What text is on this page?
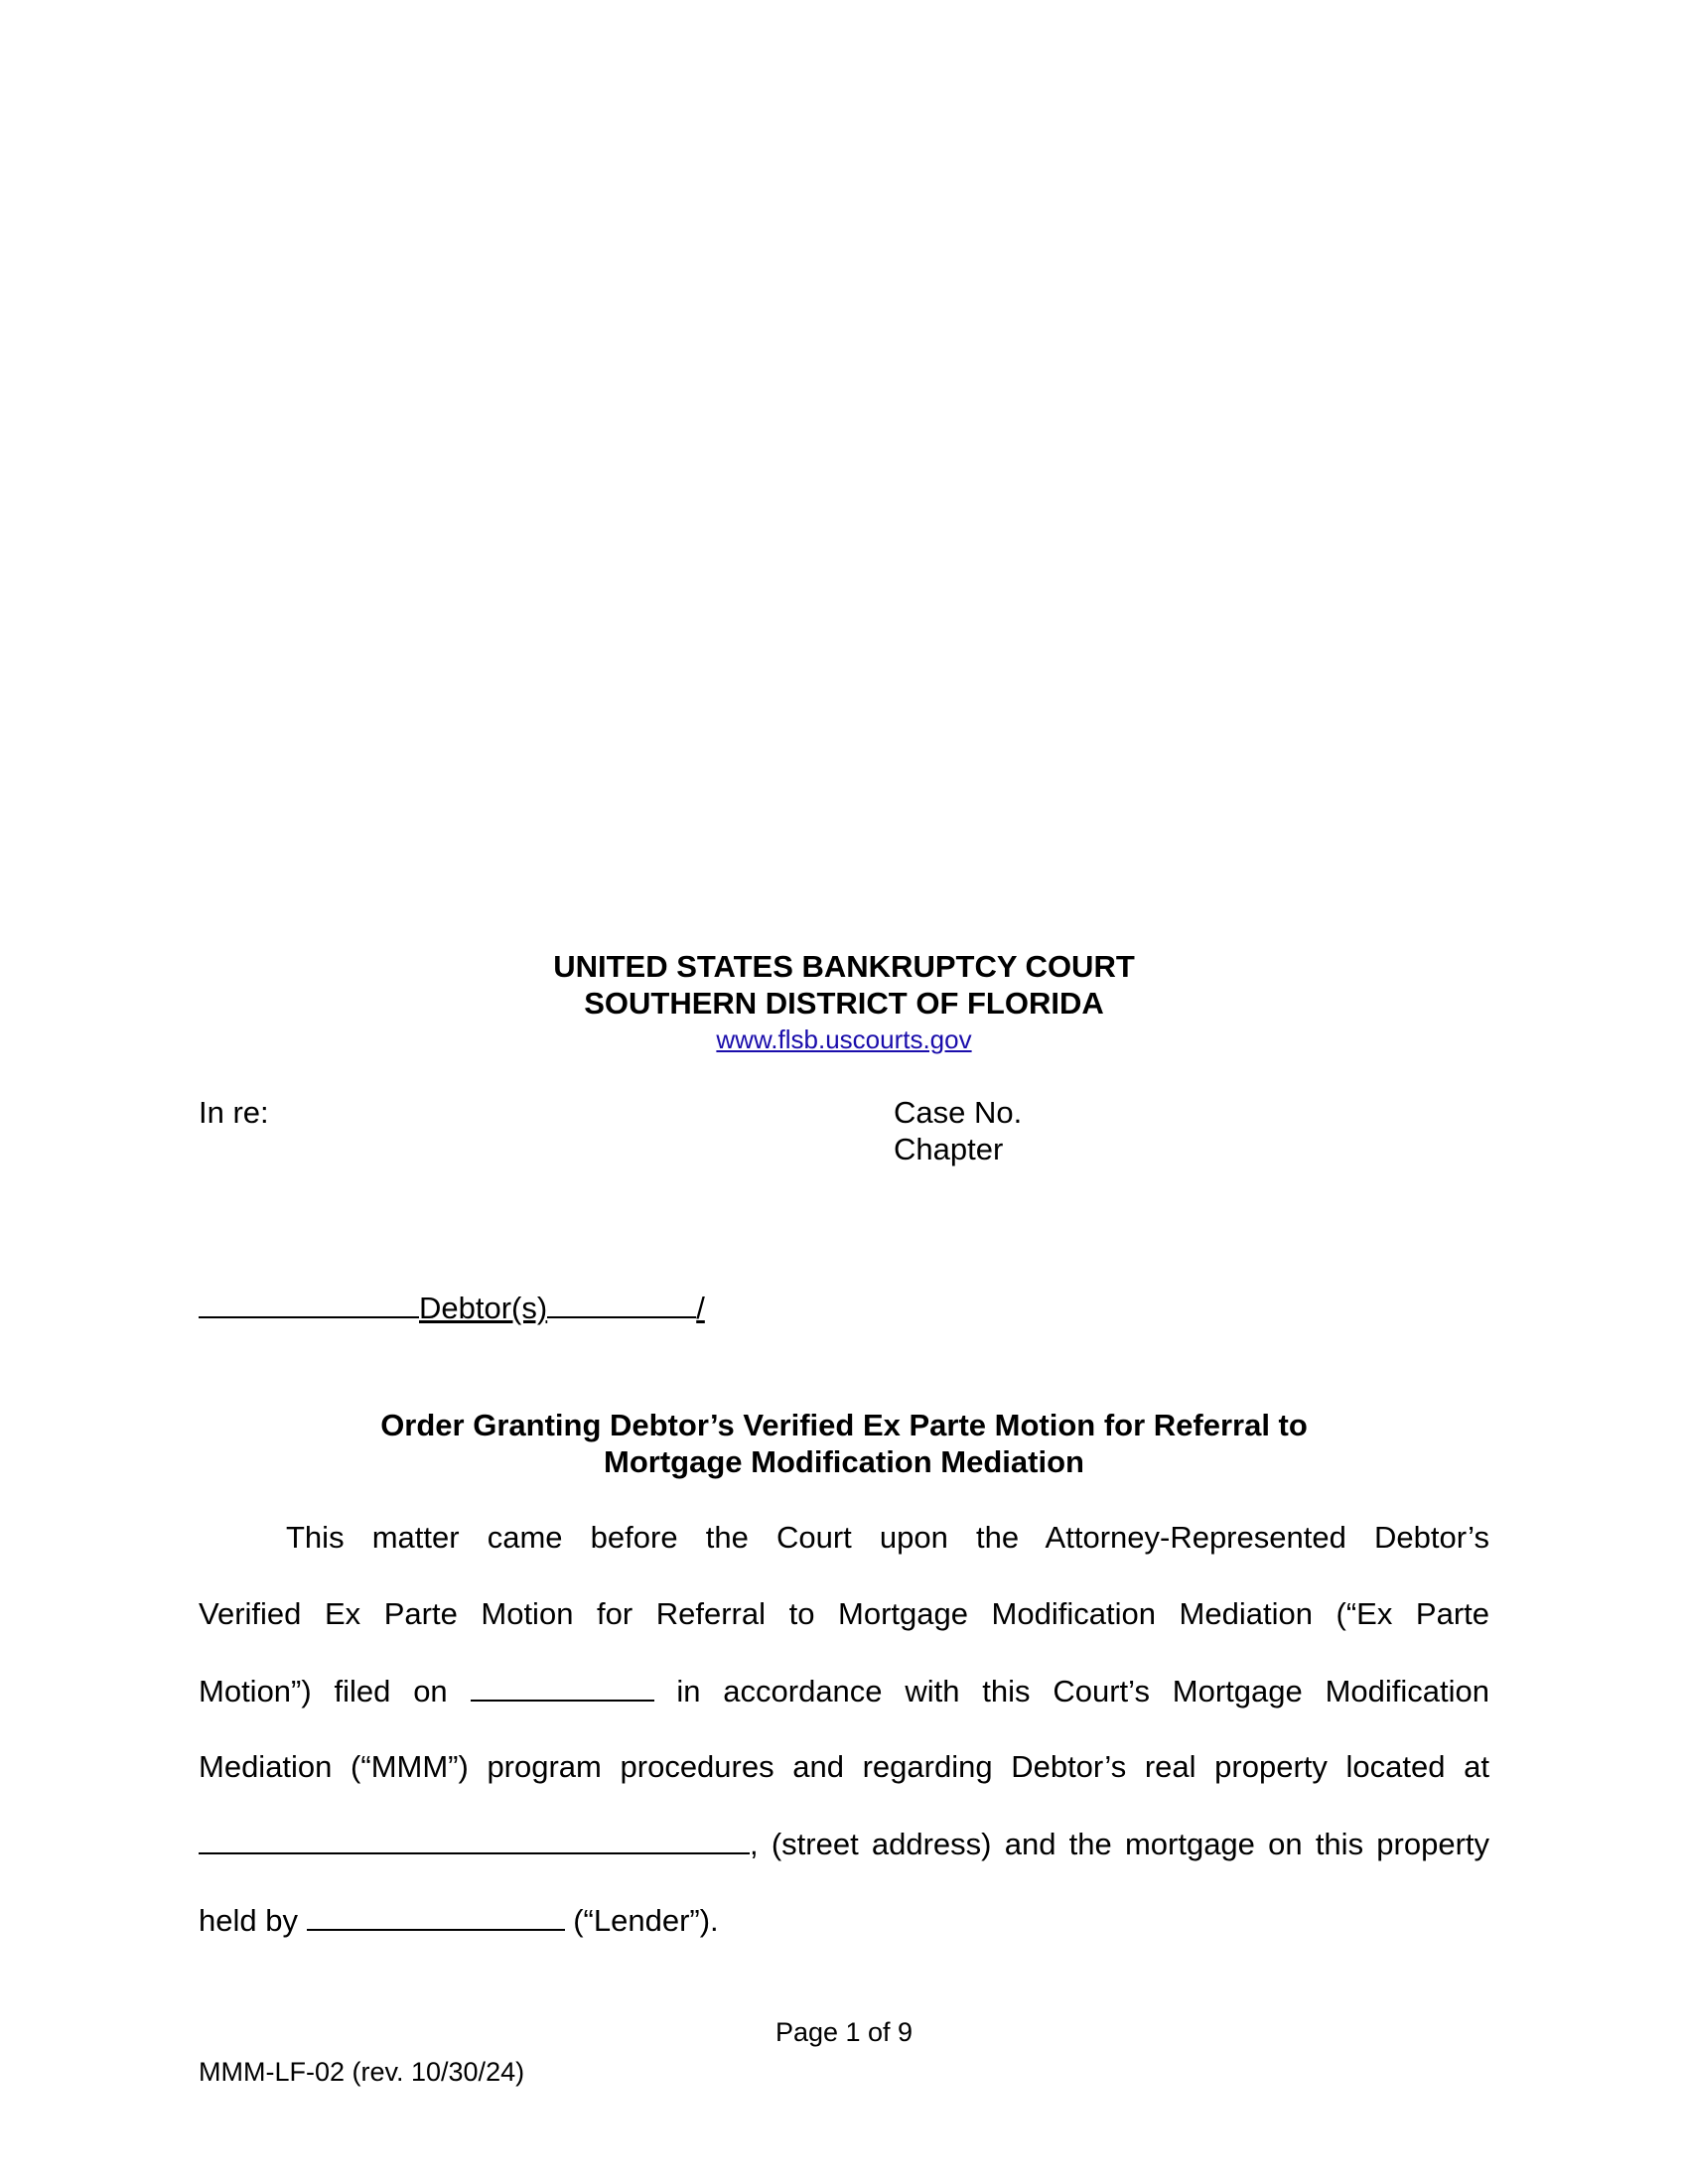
UNITED STATES BANKRUPTCY COURT
SOUTHERN DISTRICT OF FLORIDA
www.flsb.uscourts.gov
In re:	Case No.
Chapter
Debtor(s)	/
Order Granting Debtor’s Verified Ex Parte Motion for Referral to
Mortgage Modification Mediation
This matter came before the Court upon the Attorney-Represented Debtor’s
Verified Ex Parte Motion for Referral to Mortgage Modification Mediation (“Ex Parte
Motion”) filed on	in accordance with this Court’s Mortgage Modification
Mediation (“MMM”) program procedures and regarding Debtor’s real property located at
, (street address) and the mortgage on this property
held by	(“Lender”).
Page 1 of 9
MMM-LF-02 (rev. 10/30/24)
